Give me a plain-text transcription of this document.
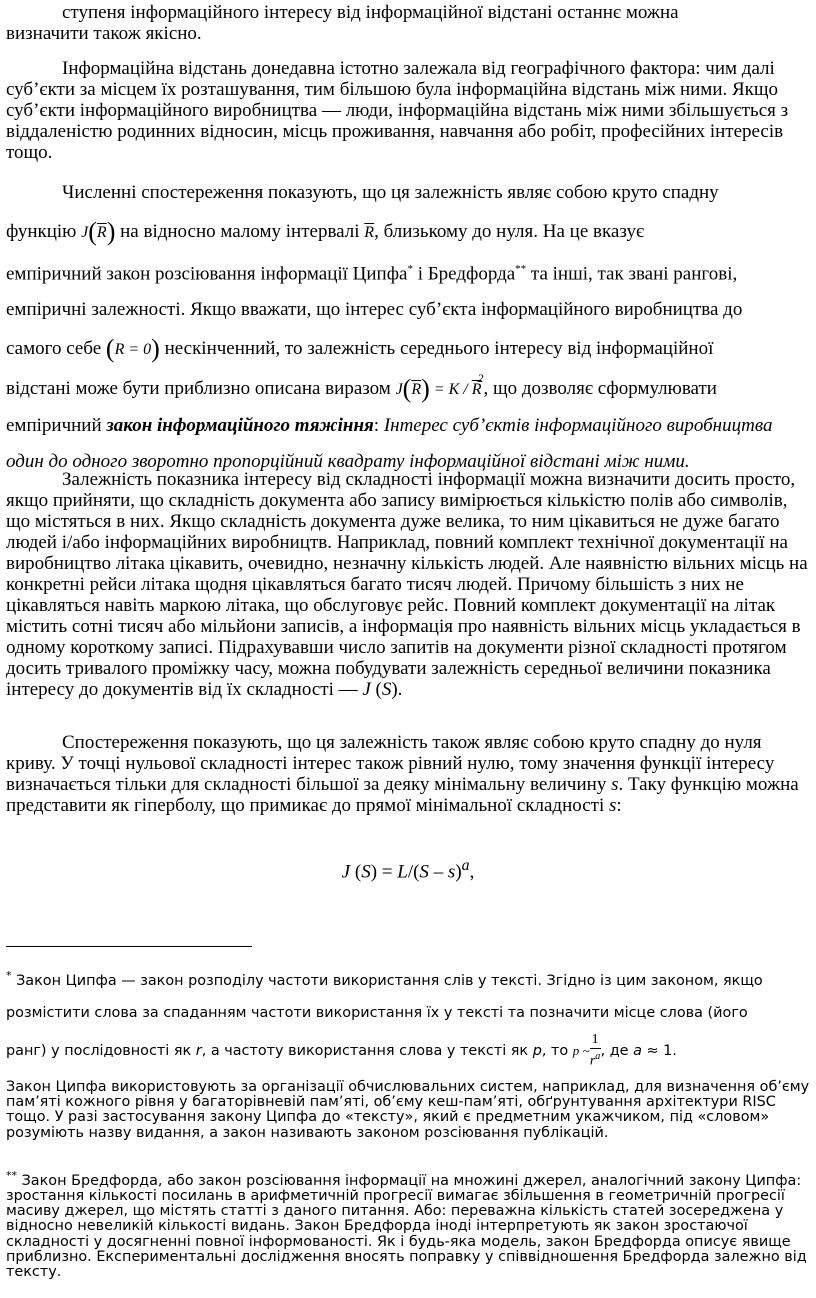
ступеня інформаційного інтересу від інформаційної відстані останнє можна
визначити також якісно.

Інформаційна відстань донедавна істотно залежала від географічного фактора: чим далі суб’єкти за місцем їх розташування, тим більшою була інформаційна відстань між ними. Якщо суб’єкти інформаційного виробництва — люди, інформаційна відстань між ними збільшується з віддаленістю родинних відносин, місць проживання, навчання або робіт, професійних інтересів тощо.

Численні спостереження показують, що ця залежність являє собою круто спадну
функцію $J(\overline{R})$ на відносно малому інтервалі $\overline{R}$, близькому до нуля. На це вказує
емпіричний закон розсіювання інформації Ципфа* і Бредфорда** та інші, так звані рангові,
емпіричні залежності. Якщо вважати, що інтерес суб’єкта інформаційного виробництва до
самого себе (R = 0) нескінченний, то залежність середнього інтересу від інформаційної
відстані може бути приблизно описана виразом $J(\overline{R}) = K / \overline{R}^2$, що дозволяє сформулювати
емпіричний закон інформаційного тяжіння: Інтерес суб’єктів інформаційного виробництва один до одного зворотно пропорційний квадрату інформаційної відстані між ними.

Залежність показника інтересу від складності інформації можна визначити досить просто, якщо прийняти, що складність документа або запису вимірюється кількістю полів або символів, що містяться в них. Якщо складність документа дуже велика, то ним цікавиться не дуже багато людей і/або інформаційних виробництв. Наприклад, повний комплект технічної документації на виробництво літака цікавить, очевидно, незначну кількість людей. Але наявністю вільних місць на конкретні рейси літака щодня цікавляться багато тисяч людей. Причому більшість з них не цікавляться навіть маркою літака, що обслуговує рейс. Повний комплект документації на літак містить сотні тисяч або мільйони записів, а інформація про наявність вільних місць укладається в одному короткому записі. Підрахувавши число запитів на документи різної складності протягом досить тривалого проміжку часу, можна побудувати залежність середньої величини показника інтересу до документів від їх складності — J (S).

Спостереження показують, що ця залежність також являє собою круто спадну до нуля криву. У точці нульової складності інтерес також рівний нулю, тому значення функції інтересу визначається тільки для складності більшої за деяку мінімальну величину s. Таку функцію можна представити як гіперболу, що примикає до прямої мінімальної складності s:

J (S) = L/(S – s)$^a$,

* Закон Ципфа — закон розподілу частоти використання слів у тексті. Згідно із цим законом, якщо
розмістити слова за спаданням частоти використання їх у тексті та позначити місце слова (його
ранг) у послідовності як r, а частоту використання слова у тексті як p, то p ~ $\frac{1}{r^a}$ , де a ≈ 1.

Закон Ципфа використовують за організації обчислювальних систем, наприклад, для визначення об’єму пам’яті кожного рівня у багаторівневій пам’яті, об’єму кеш-пам’яті, обґрунтування архітектури RISC тощо. У разі застосування закону Ципфа до «тексту», який є предметним укажчиком, під «словом» розуміють назву видання, а закон називають законом розсіювання публікацій.

** Закон Бредфорда, або закон розсіювання інформації на множині джерел, аналогічний закону Ципфа: зростання кількості посилань в арифметичній прогресії вимагає збільшення в геометричній прогресії масиву джерел, що містять статті з даного питання. Або: переважна кількість статей зосереджена у відносно невеликій кількості видань. Закон Бредфорда іноді інтерпретують як закон зростаючої складності у досягненні повної інформованості. Як і будь-яка модель, закон Бредфорда описує явище приблизно. Експериментальні дослідження вносять поправку у співвідношення Бредфорда залежно від тексту.
